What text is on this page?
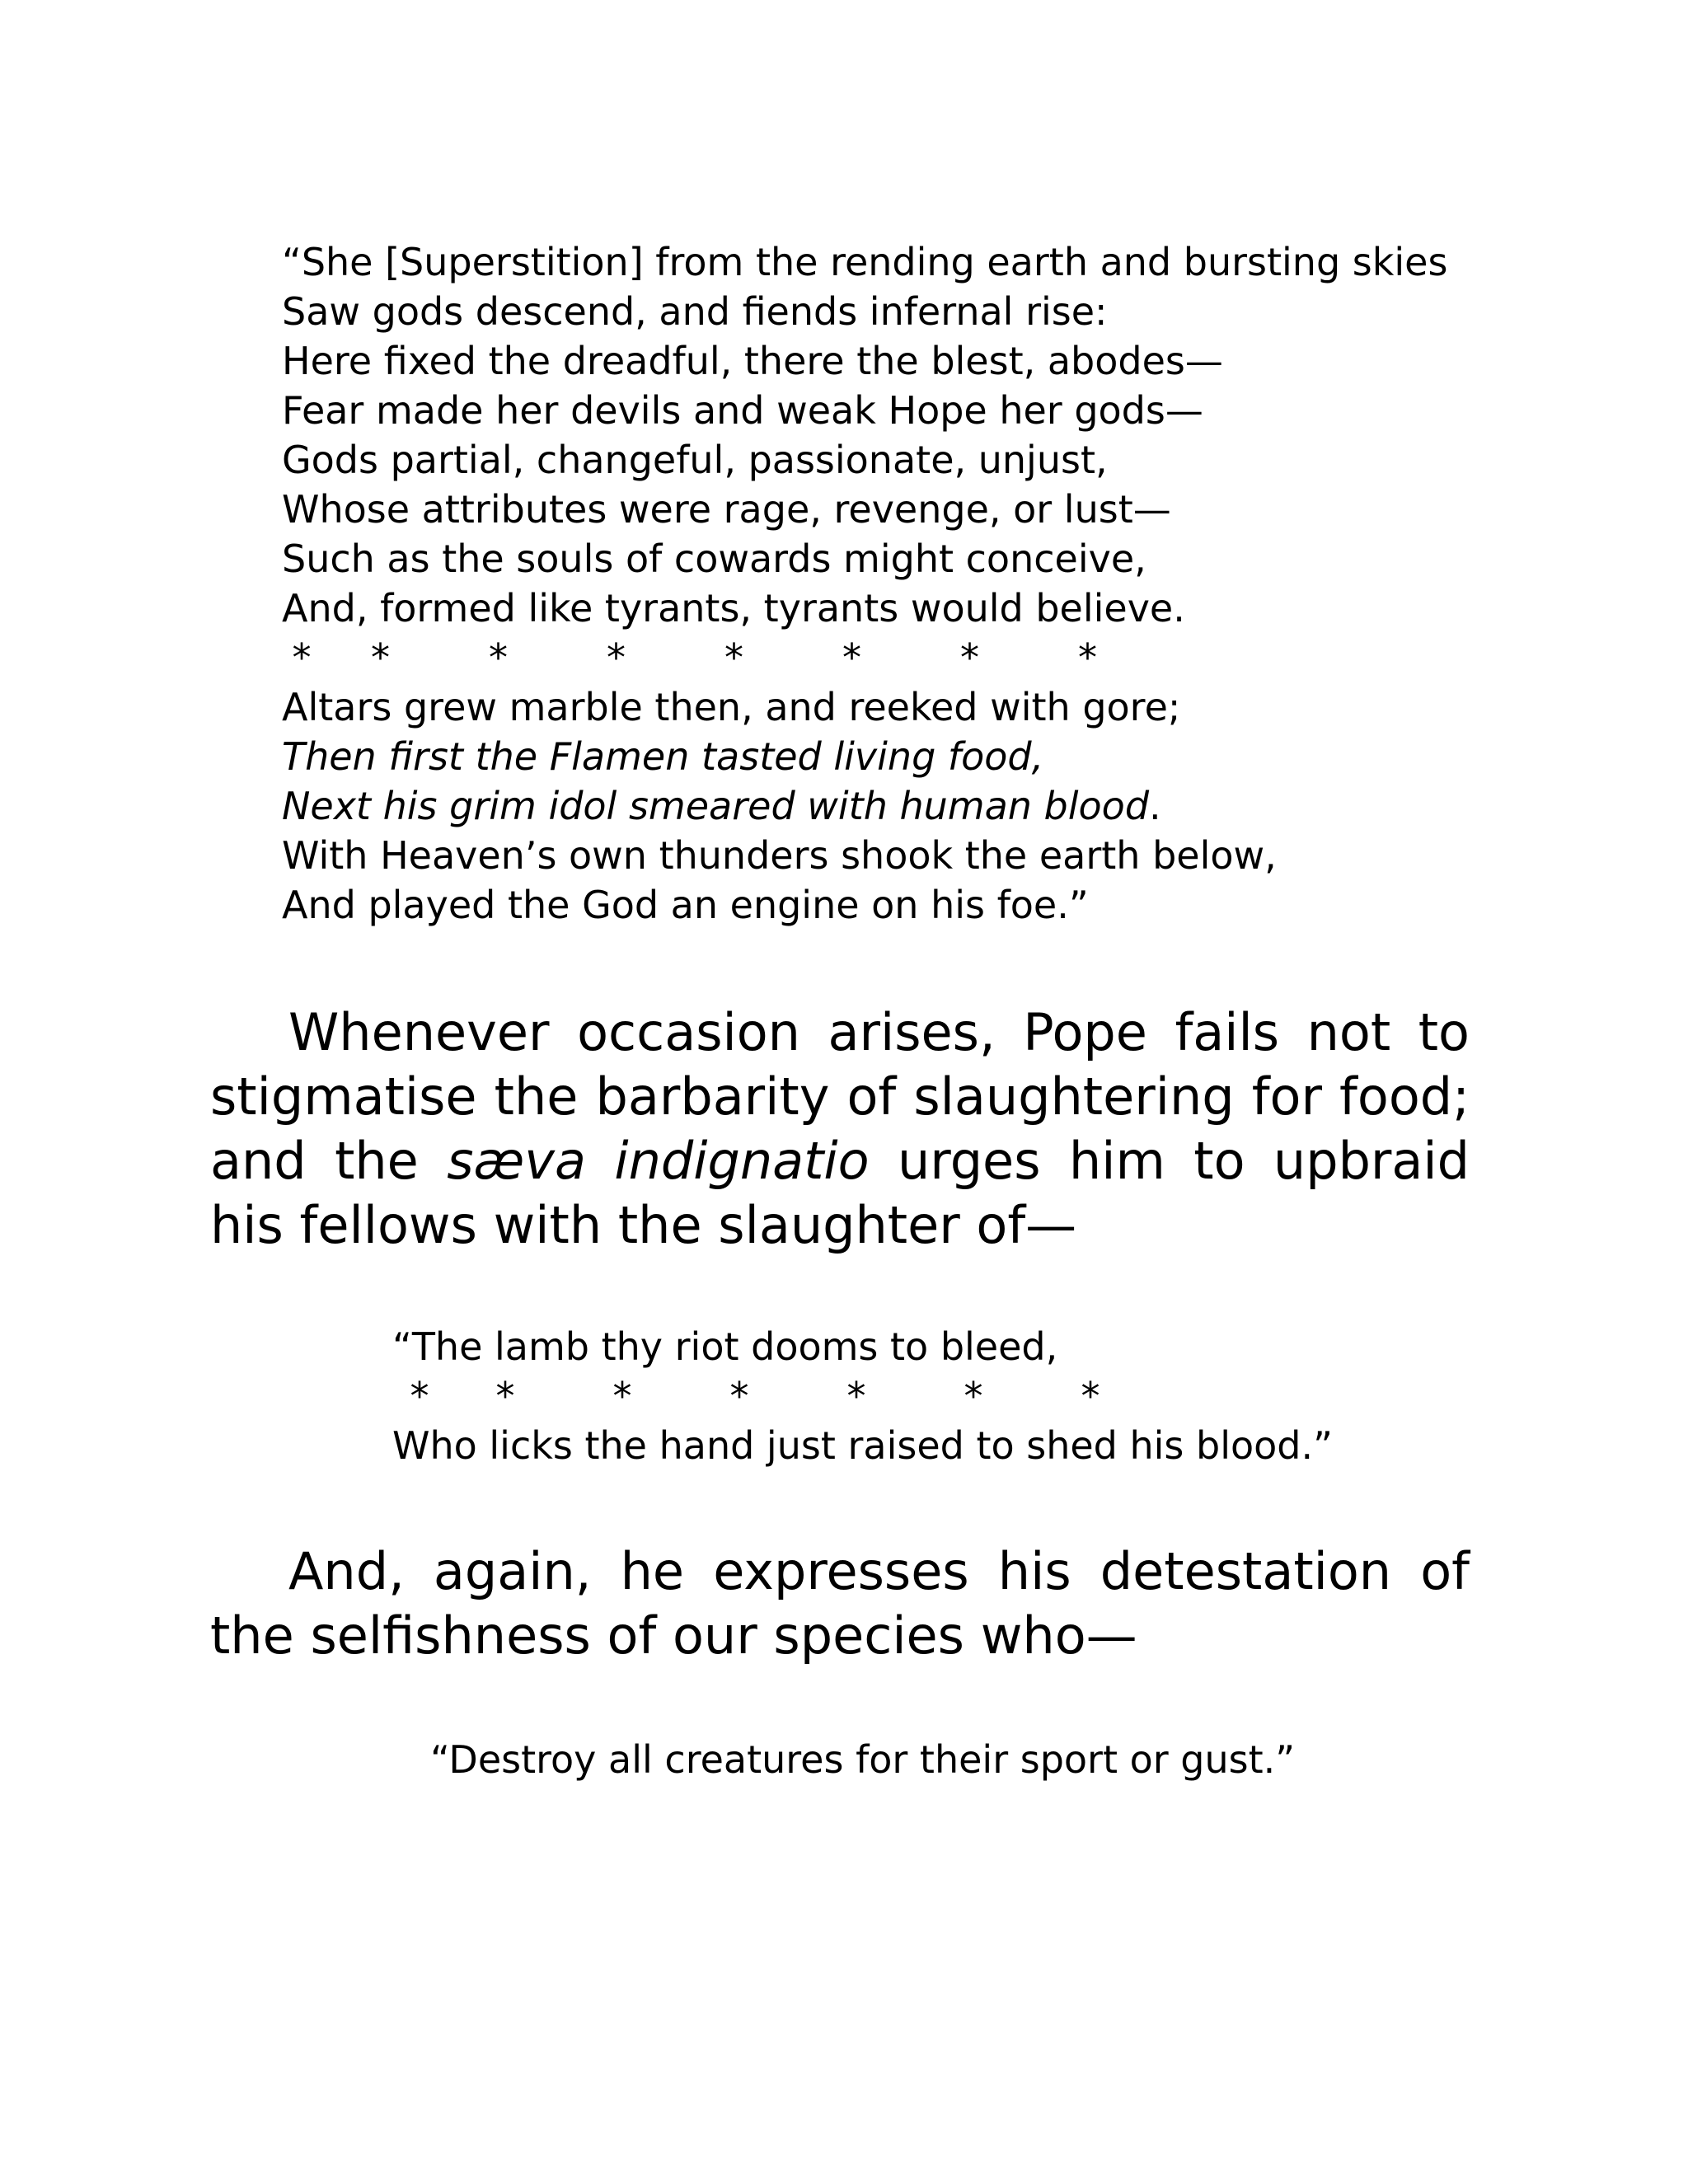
“She [Superstition] from the rending earth and bursting skies
Saw gods descend, and fiends infernal rise:
Here fixed the dreadful, there the blest, abodes—
Fear made her devils and weak Hope her gods—
Gods partial, changeful, passionate, unjust,
Whose attributes were rage, revenge, or lust—
Such as the souls of cowards might conceive,
And, formed like tyrants, tyrants would believe.
* *	*	*	*	*	*	*
Altars grew marble then, and reeked with gore;
Then first the Flamen tasted living food,
Next his grim idol smeared with human blood.
With Heaven’s own thunders shook the earth below,
And played the God an engine on his foe.”

Whenever occasion arises, Pope fails not to stigmatise the barbarity of slaughtering for food; and the sæva indignatio urges him to upbraid his fellows with the slaughter of—

“The lamb thy riot dooms to bleed,
* *	*	*	*	*	*
Who licks the hand just raised to shed his blood.”

And, again, he expresses his detestation of the selfishness of our species who—

“Destroy all creatures for their sport or gust.”
